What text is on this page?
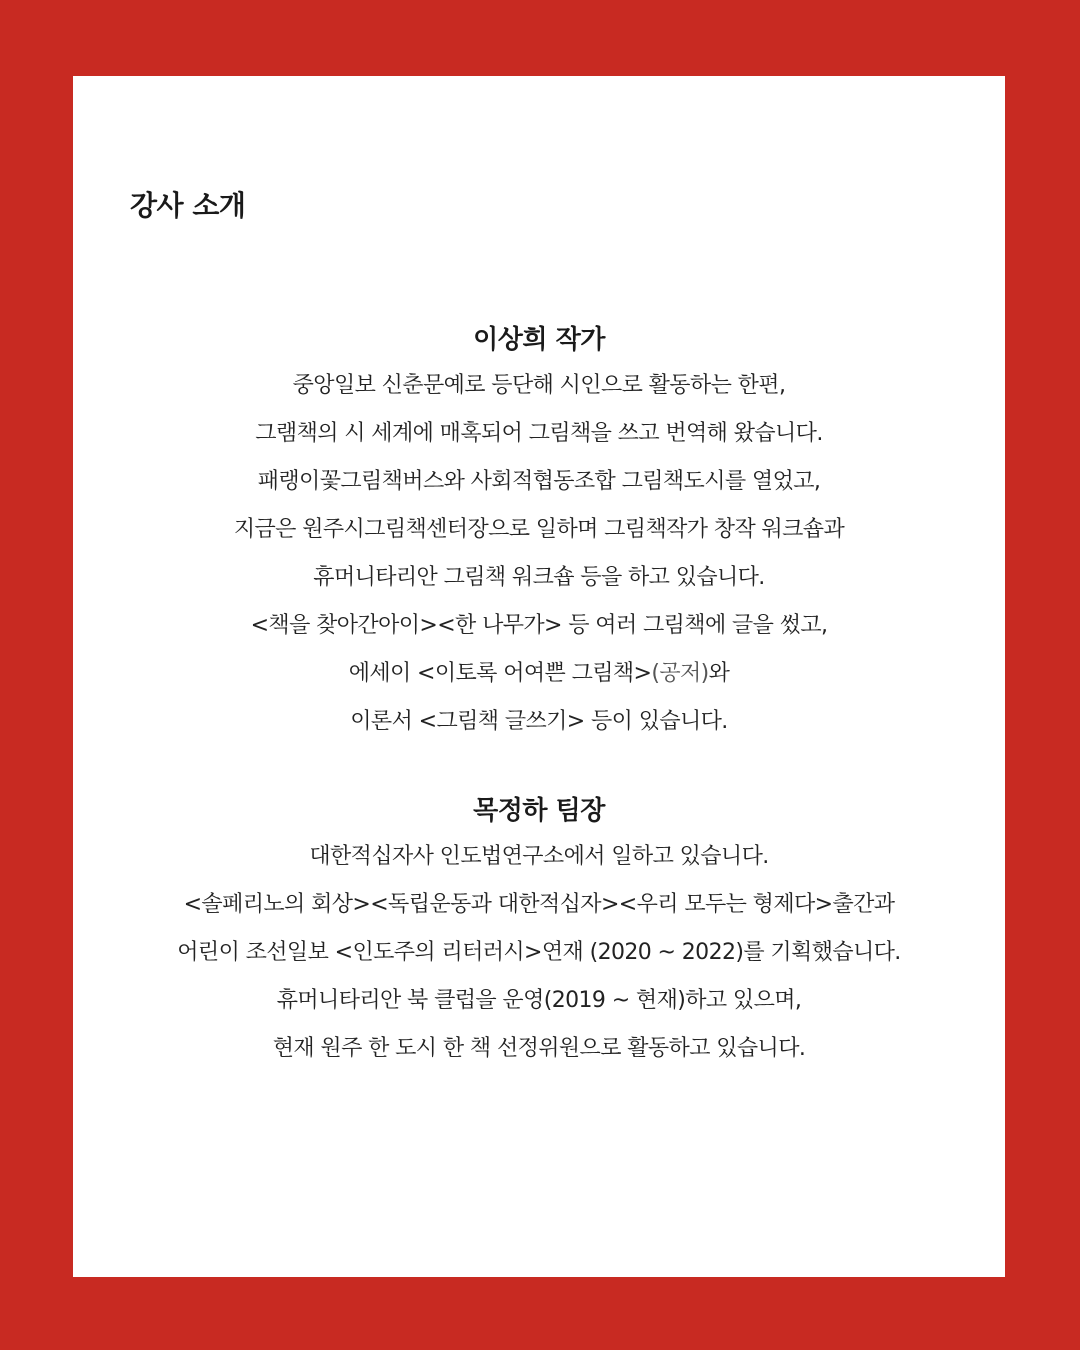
강사 소개
이상희 작가

중앙일보 신춘문예로 등단해 시인으로 활동하는 한편,

그램책의 시 세계에 매혹되어 그림책을 쓰고 번역해 왔습니다.

패랭이꽃그림책버스와 사회적협동조합 그림책도시를 열었고,

지금은 원주시그림책센터장으로 일하며 그림책작가 창작 워크숍과

휴머니타리안 그림책 워크숍 등을 하고 있습니다.

<책을 찾아간아이><한 나무가> 등 여러 그림책에 글을 썼고,

에세이 <이토록 어여쁜 그림책>(공저)와

이론서 <그림책 글쓰기> 등이 있습니다.

목정하 팀장

대한적십자사 인도법연구소에서 일하고 있습니다.

<솔페리노의 회상><독립운동과 대한적십자><우리 모두는 형제다>출간과

어린이 조선일보 <인도주의 리터러시>연재 (2020 ~ 2022)를 기획했습니다.

휴머니타리안 북 클럽을 운영(2019 ~ 현재)하고 있으며,

현재 원주 한 도시 한 책 선정위원으로 활동하고 있습니다.
